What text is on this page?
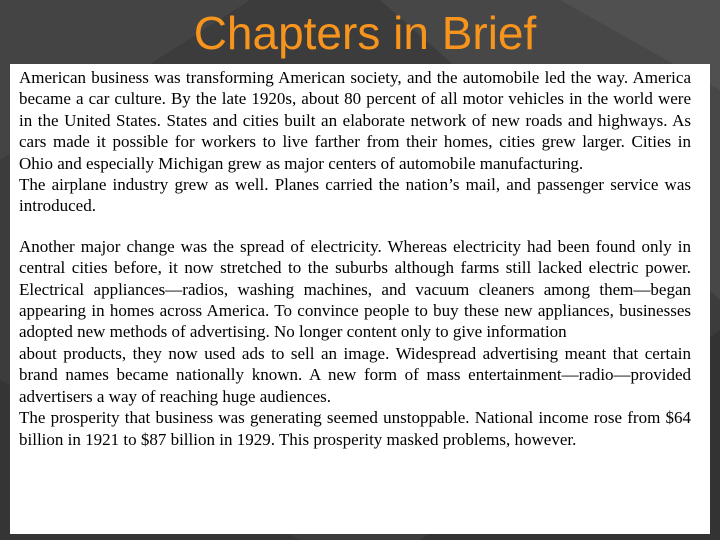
Chapters in Brief

American business was transforming American society, and the automobile led the way. America became a car culture. By the late 1920s, about 80 percent of all motor vehicles in the world were in the United States. States and cities built an elaborate network of new roads and highways. As cars made it possible for workers to live farther from their homes, cities grew larger. Cities in Ohio and especially Michigan grew as major centers of automobile manufacturing.

The airplane industry grew as well. Planes carried the nation’s mail, and passenger service was introduced.

Another major change was the spread of electricity. Whereas electricity had been found only in central cities before, it now stretched to the suburbs although farms still lacked electric power. Electrical appliances—radios, washing machines, and vacuum cleaners among them—began appearing in homes across America. To convince people to buy these new appliances, businesses adopted new methods of advertising. No longer content only to give information

about products, they now used ads to sell an image. Widespread advertising meant that certain brand names became nationally known. A new form of mass entertainment—radio—provided advertisers a way of reaching huge audiences.

The prosperity that business was generating seemed unstoppable. National income rose from $64 billion in 1921 to $87 billion in 1929. This prosperity masked problems, however.
